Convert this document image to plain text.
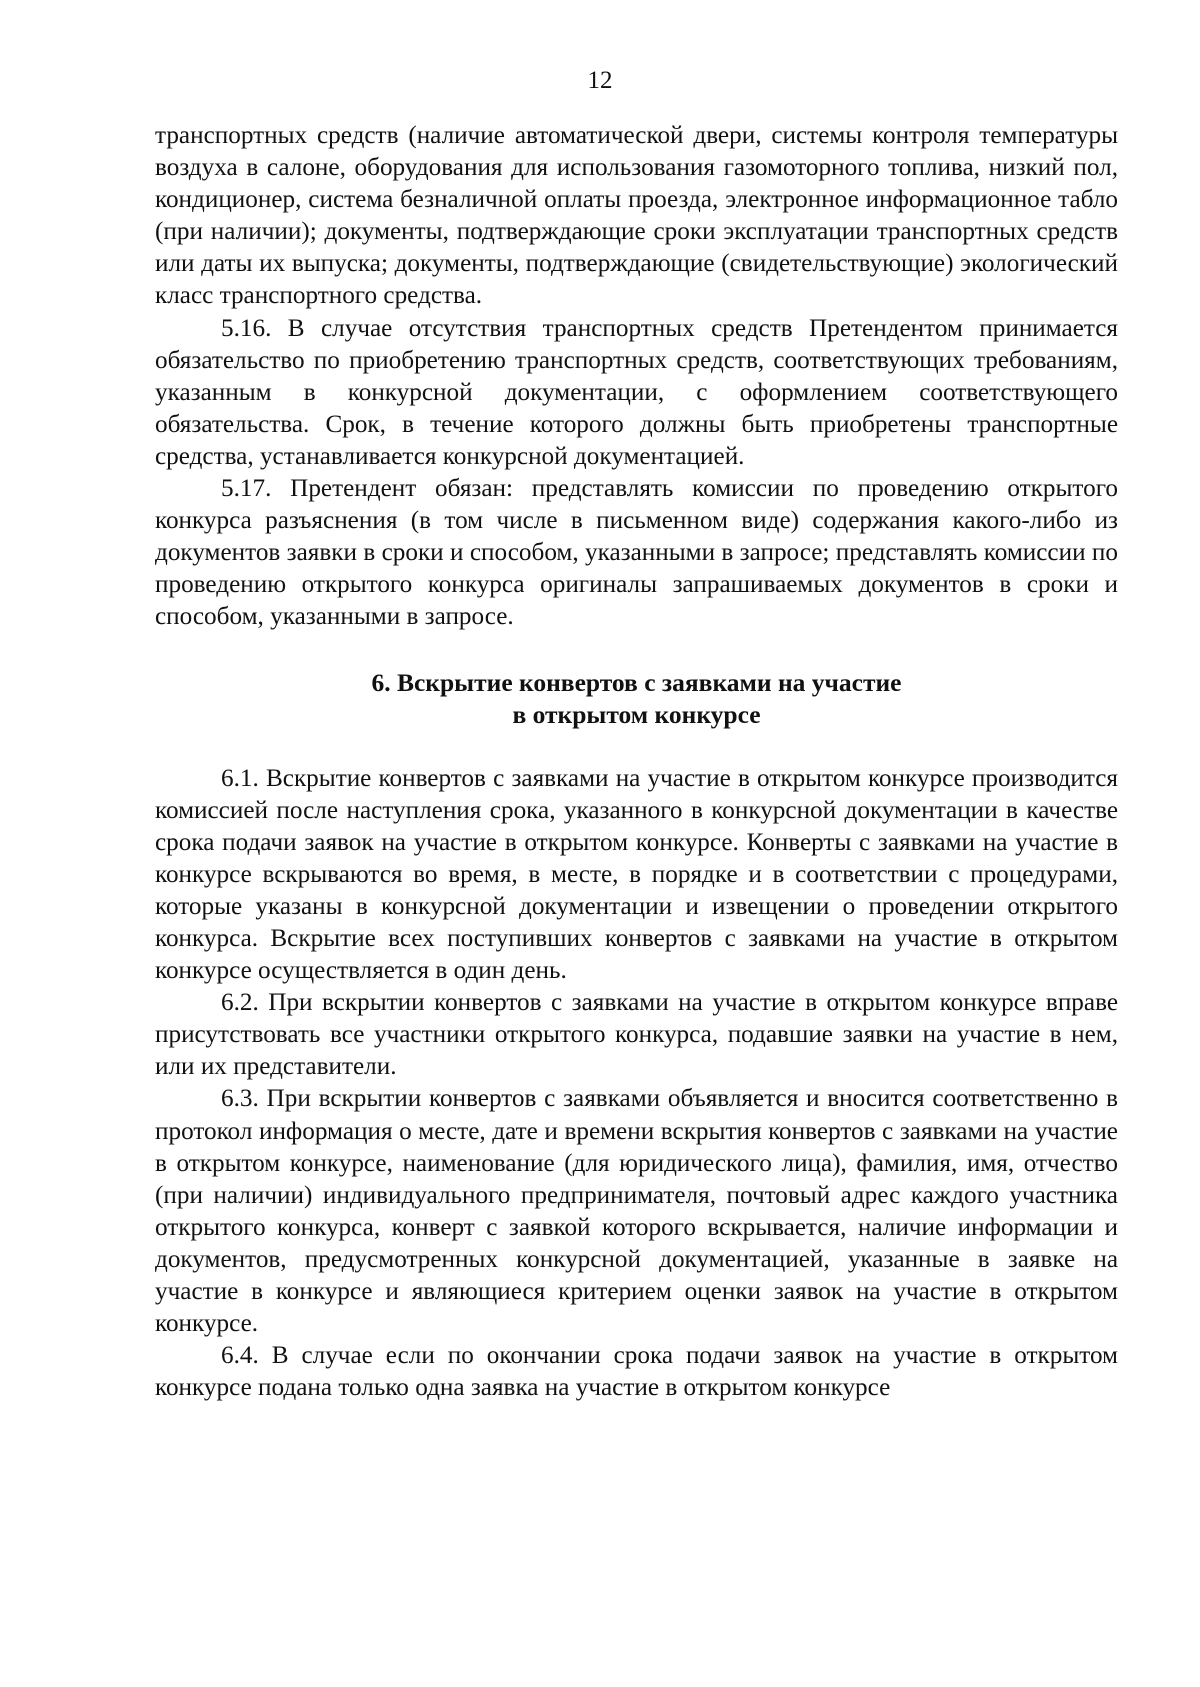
12

транспортных средств (наличие автоматической двери, системы контроля температуры воздуха в салоне, оборудования для использования газомоторного топлива, низкий пол, кондиционер, система безналичной оплаты проезда, электронное информационное табло (при наличии); документы, подтверждающие сроки эксплуатации транспортных средств или даты их выпуска; документы, подтверждающие (свидетельствующие) экологический класс транспортного средства.

5.16. В случае отсутствия транспортных средств Претендентом принимается обязательство по приобретению транспортных средств, соответствующих требованиям, указанным в конкурсной документации, с оформлением соответствующего обязательства. Срок, в течение которого должны быть приобретены транспортные средства, устанавливается конкурсной документацией.

5.17. Претендент обязан: представлять комиссии по проведению открытого конкурса разъяснения (в том числе в письменном виде) содержания какого-либо из документов заявки в сроки и способом, указанными в запросе; представлять комиссии по проведению открытого конкурса оригиналы запрашиваемых документов в сроки и способом, указанными в запросе.

6. Вскрытие конвертов с заявками на участие
в открытом конкурсе

6.1. Вскрытие конвертов с заявками на участие в открытом конкурсе производится комиссией после наступления срока, указанного в конкурсной документации в качестве срока подачи заявок на участие в открытом конкурсе. Конверты с заявками на участие в конкурсе вскрываются во время, в месте, в порядке и в соответствии с процедурами, которые указаны в конкурсной документации и извещении о проведении открытого конкурса. Вскрытие всех поступивших конвертов с заявками на участие в открытом конкурсе осуществляется в один день.

6.2. При вскрытии конвертов с заявками на участие в открытом конкурсе вправе присутствовать все участники открытого конкурса, подавшие заявки на участие в нем, или их представители.

6.3. При вскрытии конвертов с заявками объявляется и вносится соответственно в протокол информация о месте, дате и времени вскрытия конвертов с заявками на участие в открытом конкурсе, наименование (для юридического лица), фамилия, имя, отчество (при наличии) индивидуального предпринимателя, почтовый адрес каждого участника открытого конкурса, конверт с заявкой которого вскрывается, наличие информации и документов, предусмотренных конкурсной документацией, указанные в заявке на участие в конкурсе и являющиеся критерием оценки заявок на участие в открытом конкурсе.

6.4. В случае если по окончании срока подачи заявок на участие в открытом конкурсе подана только одна заявка на участие в открытом конкурсе
